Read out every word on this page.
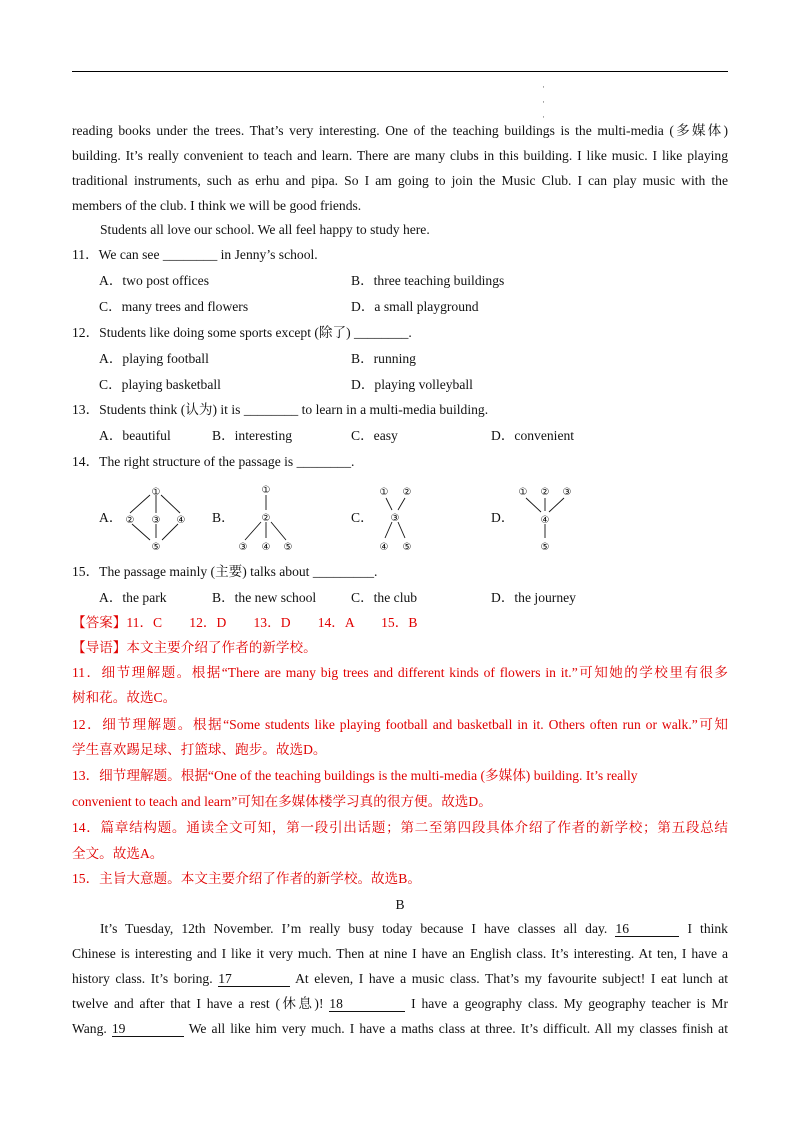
·
·
·
reading books under the trees. That’s very interesting. One of the teaching buildings is the multi-media (多媒体)
building. It’s really convenient to teach and learn. There are many clubs in this building. I like music. I like playing
traditional instruments, such as erhu and pipa. So I am going to join the Music Club. I can play music with the
members of the club. I think we will be good friends.
Students all love our school. We all feel happy to study here.
11．We can see ________ in Jenny’s school.
A．two post offices	B．three teaching buildings
C．many trees and flowers	D．a small playground
12．Students like doing some sports except (除了) ________.
A．playing football	B．running
C．playing basketball	D．playing volleyball
13．Students think (认为) it is ________ to learn in a multi-media building.
A．beautiful	B．interesting	C．easy	D．convenient
14．The right structure of the passage is ________.
A．	B．	C．	D．
①
② ③ ④
⑤
①
②
③ ④ ⑤
① ②
③
④ ⑤
① ② ③
④
⑤
15．The passage mainly (主要) talks about _________.
A．the park	B．the new school	C．the club	D．the journey
【答案】11．C　　12．D　　13．D　　14．A　　15．B
【导语】本文主要介绍了作者的新学校。
11．细节理解题。根据“There are many big trees and different kinds of flowers in it.”可知她的学校里有很多
树和花。故选C。
12．细节理解题。根据“Some students like playing football and basketball in it. Others often run or walk.”可知
学生喜欢踢足球、打篮球、跑步。故选D。
13．细节理解题。根据“One of the teaching buildings is the multi-media (多媒体) building. It’s really
convenient to teach and learn”可知在多媒体楼学习真的很方便。故选D。
14．篇章结构题。通读全文可知，第一段引出话题；第二至第四段具体介绍了作者的新学校；第五段总结
全文。故选A。
15．主旨大意题。本文主要介绍了作者的新学校。故选B。
B
It’s Tuesday, 12th November. I’m really busy today because I have classes all day. 16	I think
Chinese is interesting and I like it very much. Then at nine I have an English class. It’s interesting. At ten, I have a
history class. It’s boring. 17	At eleven, I have a music class. That’s my favourite subject! I eat lunch at
twelve and after that I have a rest (休息)! 18	I have a geography class. My geography teacher is Mr
Wang. 19	We all like him very much. I have a maths class at three. It’s difficult. All my classes finish at
